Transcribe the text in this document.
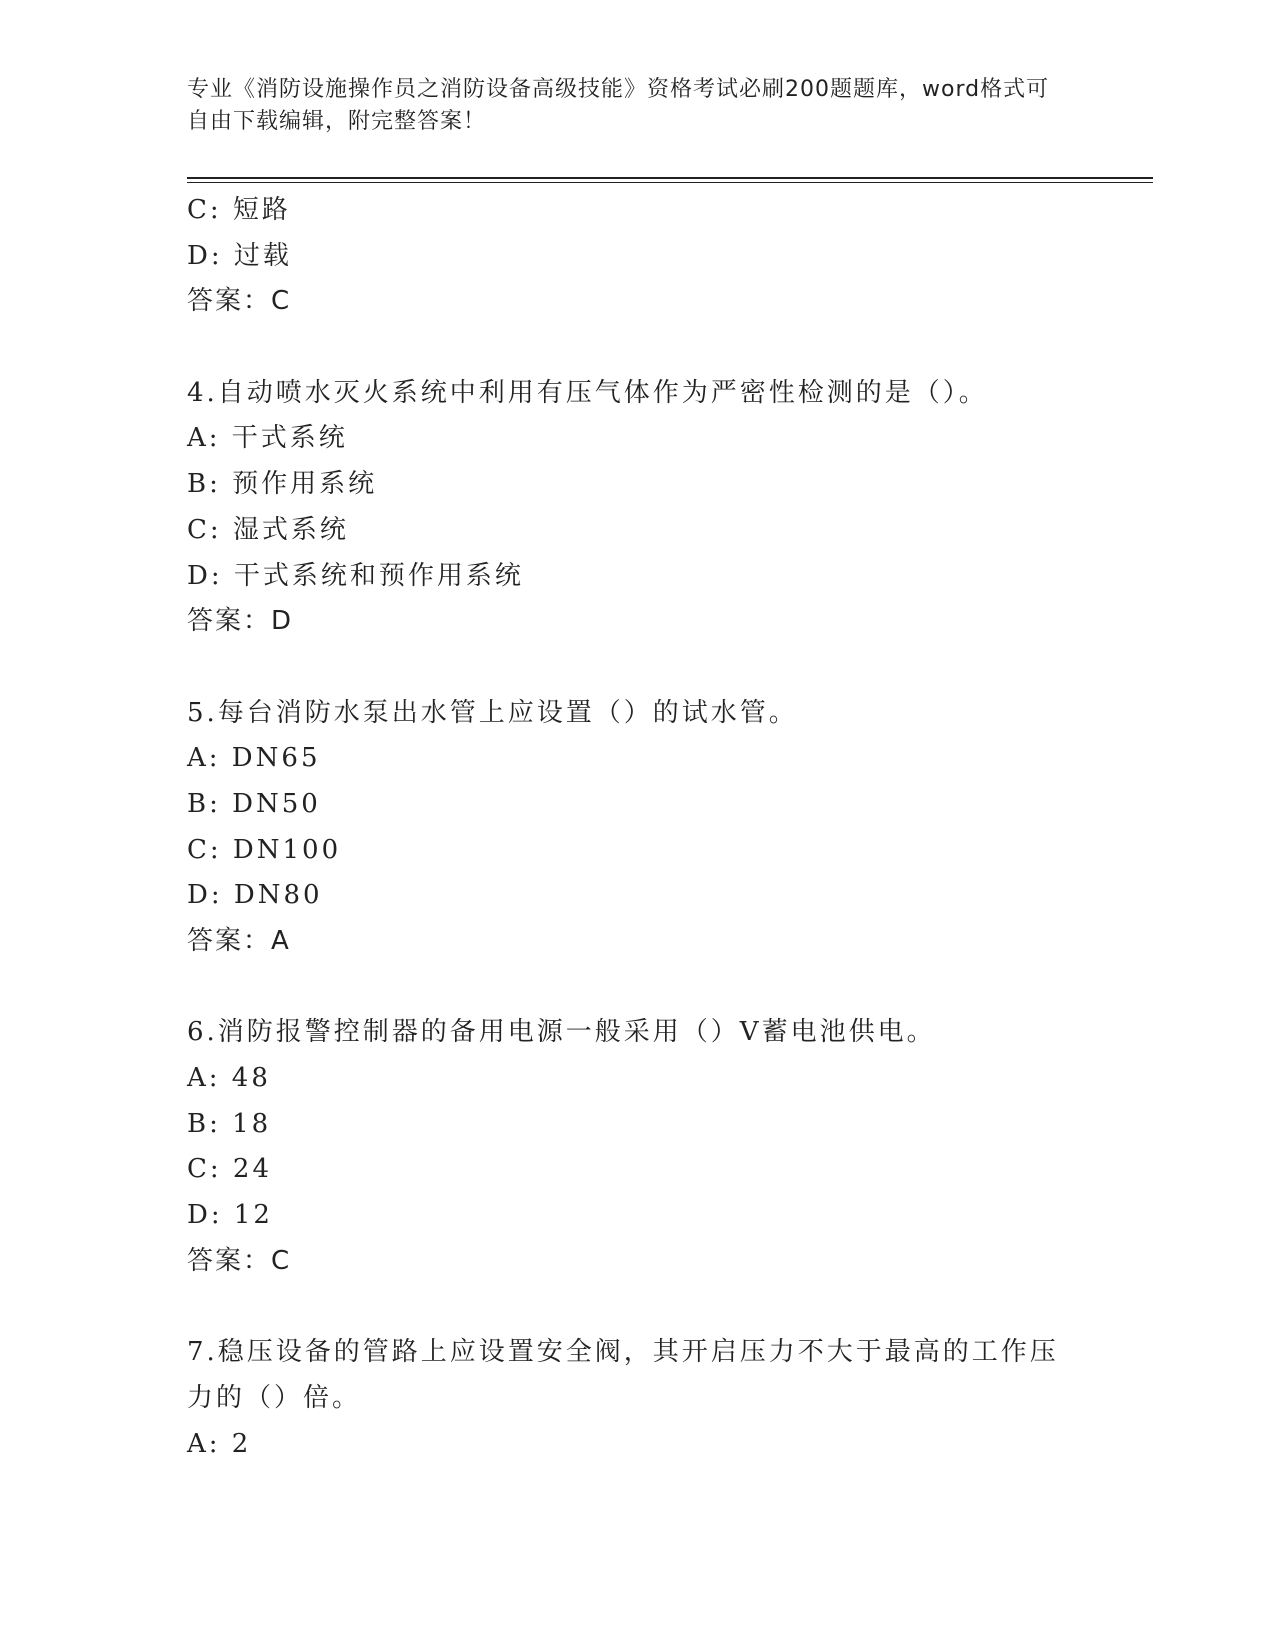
专业《消防设施操作员之消防设备高级技能》资格考试必刷200题题库，word格式可自由下载编辑，附完整答案！
C: 短路
D: 过载
答案：C
4.自动喷水灭火系统中利用有压气体作为严密性检测的是（）。
A: 干式系统
B: 预作用系统
C: 湿式系统
D: 干式系统和预作用系统
答案：D
5.每台消防水泵出水管上应设置（）的试水管。
A: DN65
B: DN50
C: DN100
D: DN80
答案：A
6.消防报警控制器的备用电源一般采用（）V蓄电池供电。
A: 48
B: 18
C: 24
D: 12
答案：C
7.稳压设备的管路上应设置安全阀，其开启压力不大于最高的工作压力的（）倍。
A: 2
